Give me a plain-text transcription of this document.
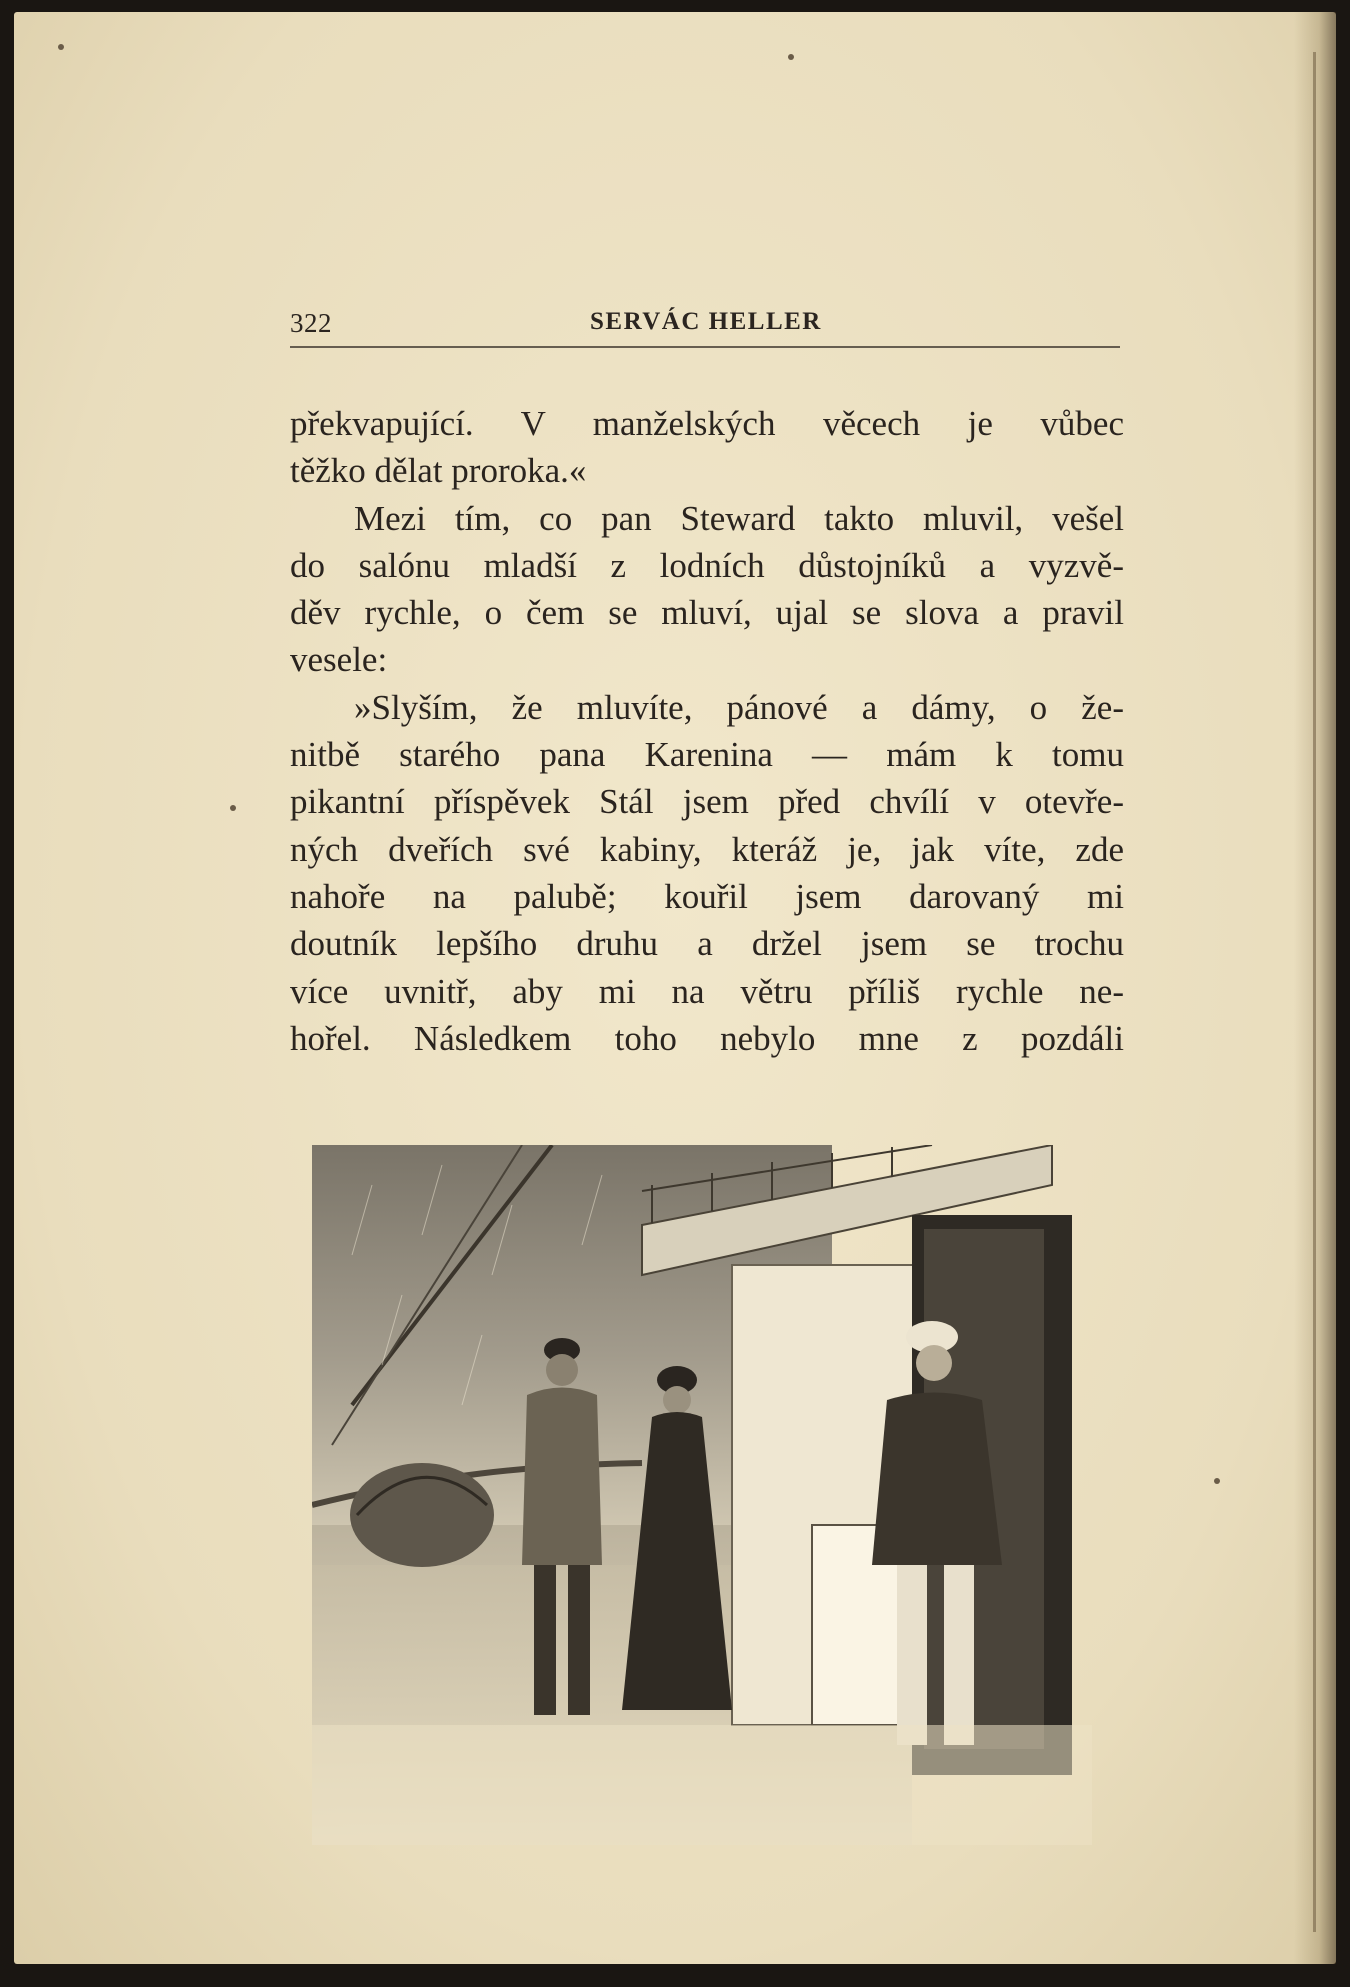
322	SERVÁC HELLER
překvapující. V manželských věcech je vůbec
těžko dělat proroka.«
Mezi tím, co pan Steward takto mluvil, vešel
do salónu mladší z lodních důstojníků a vyzvě-
děv rychle, o čem se mluví, ujal se slova a pravil
vesele:
»Slyším, že mluvíte, pánové a dámy, o že-
nitbě starého pana Karenina — mám k tomu
pikantní příspěvek Stál jsem před chvílí v otevře-
ných dveřích své kabiny, kteráž je, jak víte, zde
nahoře na palubě; kouřil jsem darovaný mi
doutník lepšího druhu a držel jsem se trochu
více uvnitř, aby mi na větru příliš rychle ne-
hořel. Následkem toho nebylo mne z pozdáli
